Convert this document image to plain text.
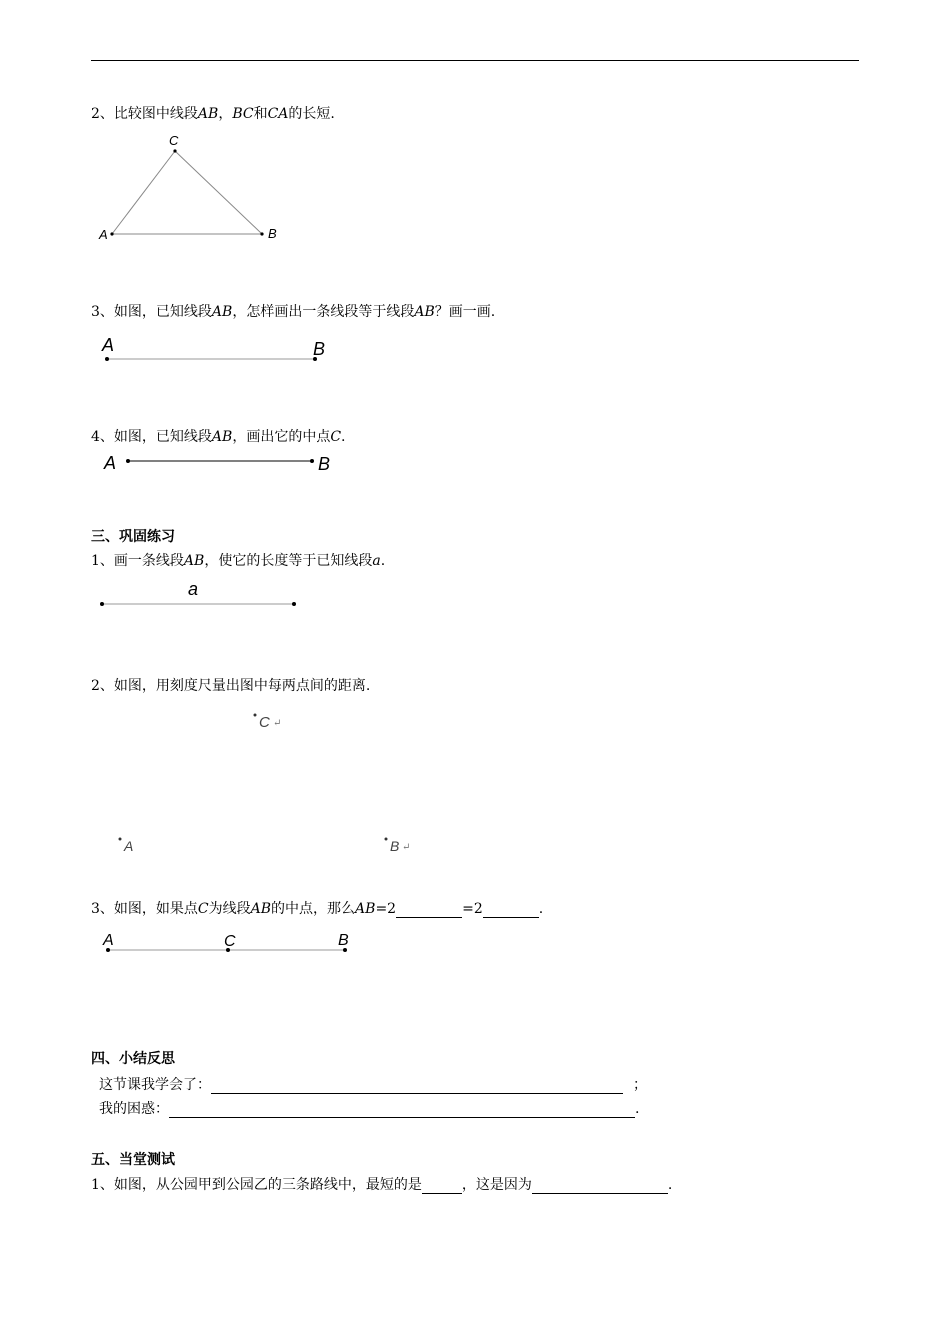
2、比较图中线段AB，BC和CA的长短.
C
A	B
3、如图，已知线段AB，怎样画出一条线段等于线段AB？画一画.
A	B
4、如图，已知线段AB，画出它的中点C.
A	B
三、巩固练习
1、画一条线段AB，使它的长度等于已知线段a.
a
2、如图，用刻度尺量出图中每两点间的距离.
C ↵
A	B ↵
3、如图，如果点C为线段AB的中点，那么AB=2	=2	.
A	C	B
四、小结反思
这节课我学会了：	；
我的困惑：	.
五、当堂测试
1、如图，从公园甲到公园乙的三条路线中，最短的是	，这是因为	.
